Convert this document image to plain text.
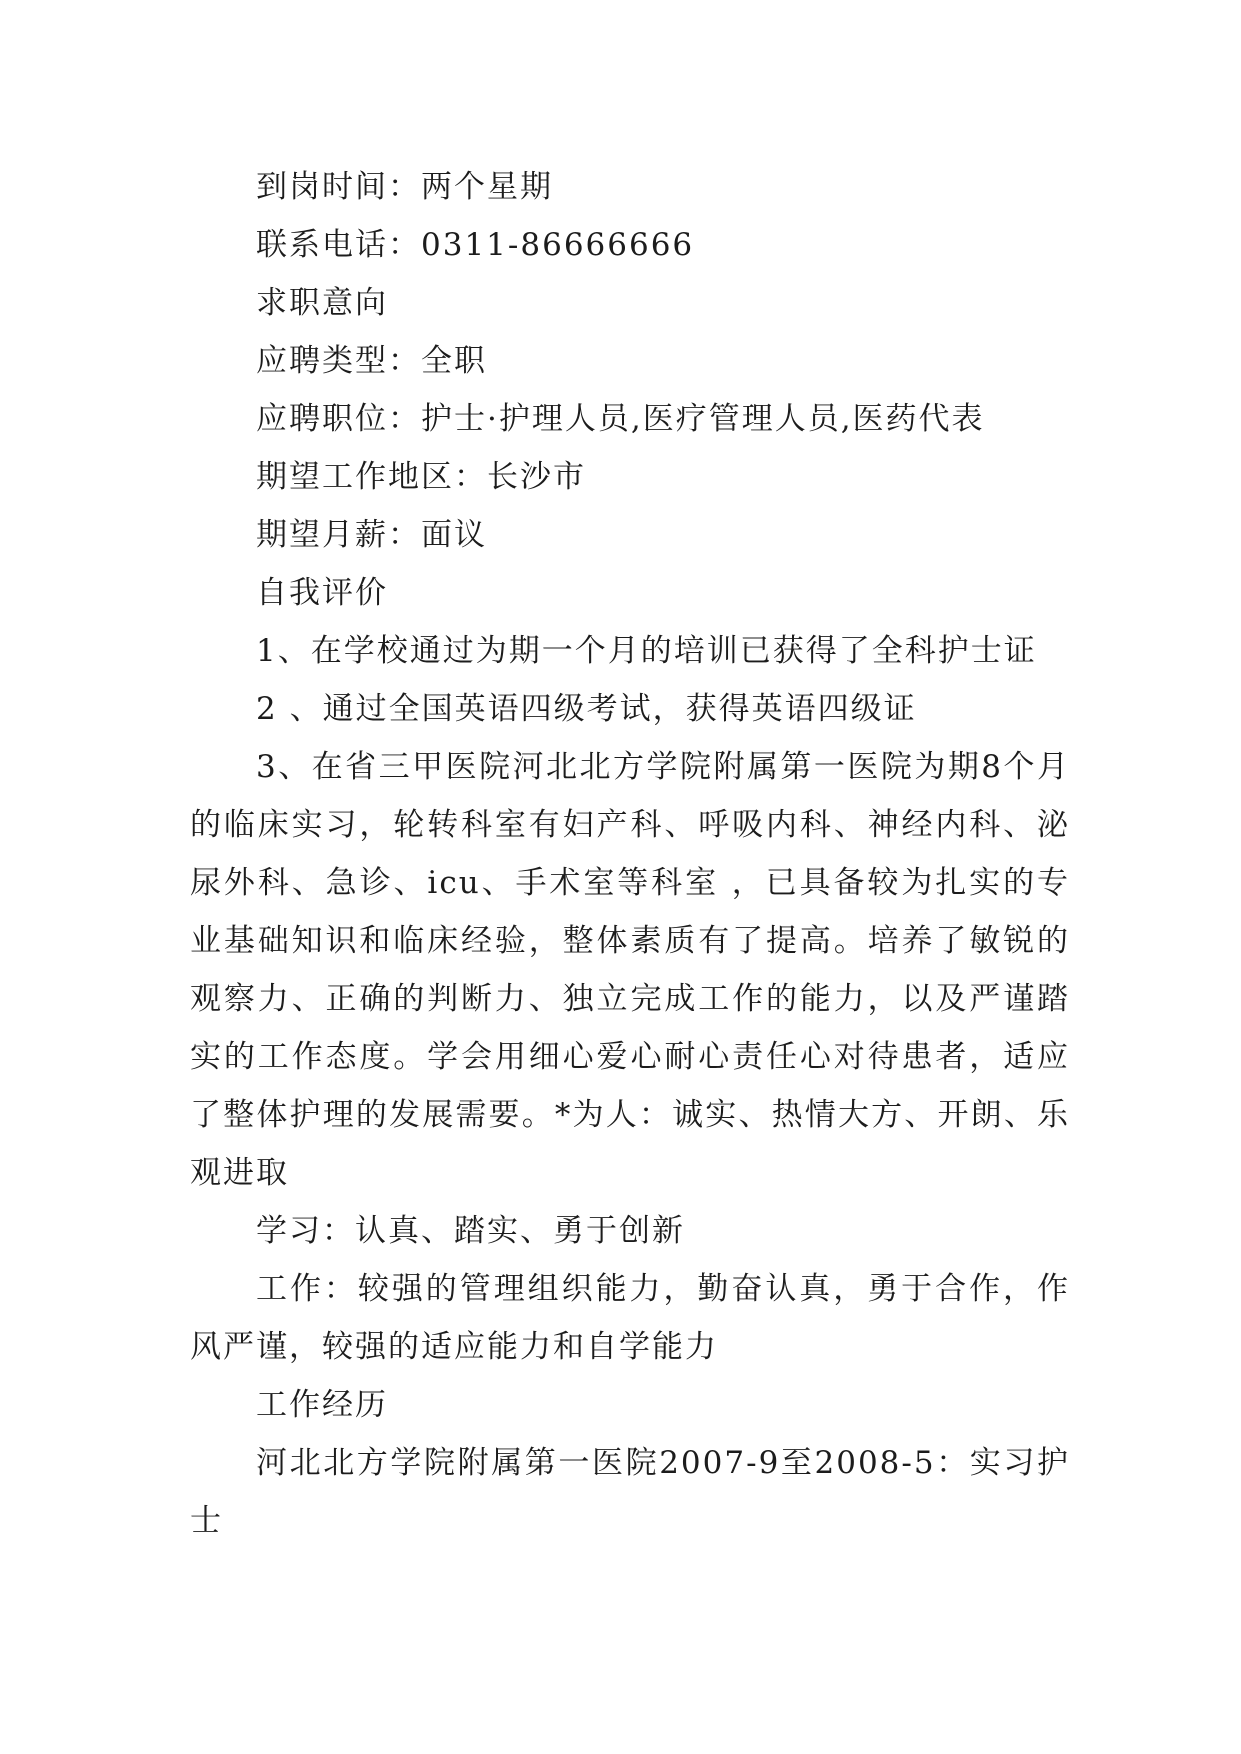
到岗时间：两个星期

联系电话：0311-86666666

求职意向

应聘类型：全职

应聘职位：护士·护理人员,医疗管理人员,医药代表

期望工作地区：长沙市

期望月薪：面议

自我评价

1、在学校通过为期一个月的培训已获得了全科护士证

2 、通过全国英语四级考试，获得英语四级证

3、在省三甲医院河北北方学院附属第一医院为期8个月的临床实习，轮转科室有妇产科、呼吸内科、神经内科、泌尿外科、急诊、icu、手术室等科室 ，已具备较为扎实的专业基础知识和临床经验，整体素质有了提高。培养了敏锐的观察力、正确的判断力、独立完成工作的能力，以及严谨踏实的工作态度。学会用细心爱心耐心责任心对待患者，适应了整体护理的发展需要。*为人：诚实、热情大方、开朗、乐观进取

学习：认真、踏实、勇于创新

工作：较强的管理组织能力，勤奋认真，勇于合作，作风严谨，较强的适应能力和自学能力

工作经历

河北北方学院附属第一医院2007-9至2008-5：实习护士
